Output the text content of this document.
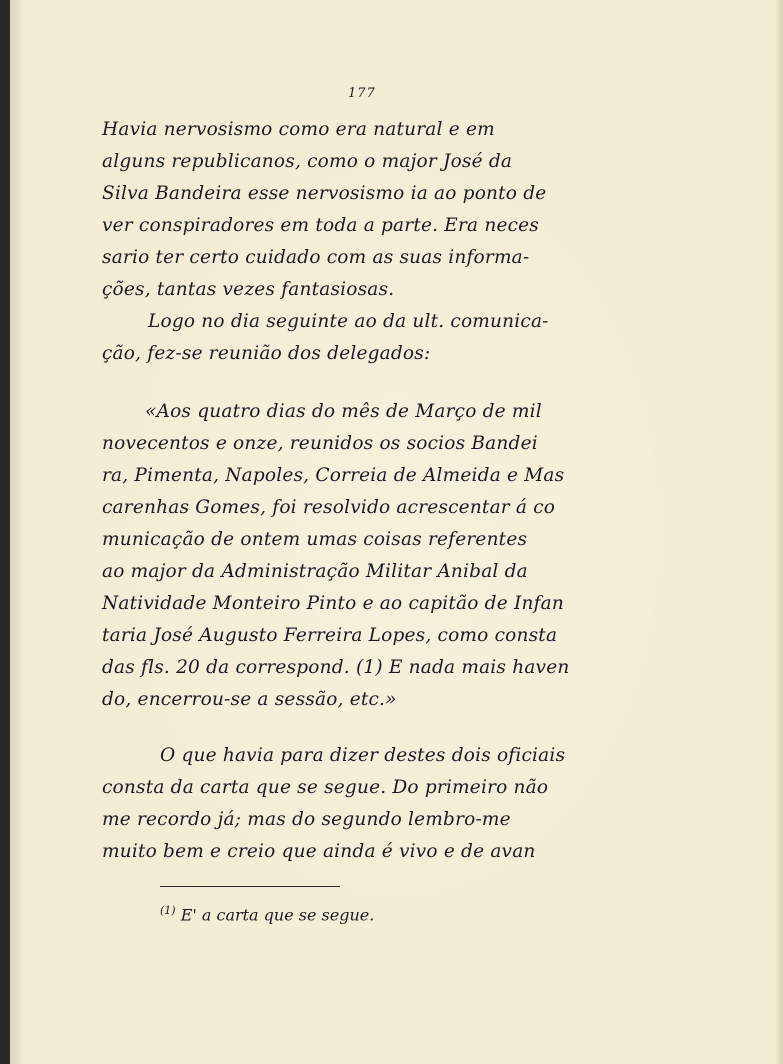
177
Havia nervosismo como era natural e em
alguns republicanos, como o major José da
Silva Bandeira esse nervosismo ia ao ponto de
ver conspiradores em toda a parte. Era neces
sario ter certo cuidado com as suas informa-
ções, tantas vezes fantasiosas.
Logo no dia seguinte ao da ult. comunica-
ção, fez-se reunião dos delegados:
«Aos quatro dias do mês de Março de mil
novecentos e onze, reunidos os socios Bandei
ra, Pimenta, Napoles, Correia de Almeida e Mas
carenhas Gomes, foi resolvido acrescentar á co
municação de ontem umas coisas referentes
ao major da Administração Militar Anibal da
Natividade Monteiro Pinto e ao capitão de Infan
taria José Augusto Ferreira Lopes, como consta
das fls. 20 da correspond. (1) E nada mais haven
do, encerrou-se a sessão, etc.»
O que havia para dizer destes dois oficiais
consta da carta que se segue. Do primeiro não
me recordo já; mas do segundo lembro-me
muito bem e creio que ainda é vivo e de avan
$^{(1)}$ E' a carta que se segue.
